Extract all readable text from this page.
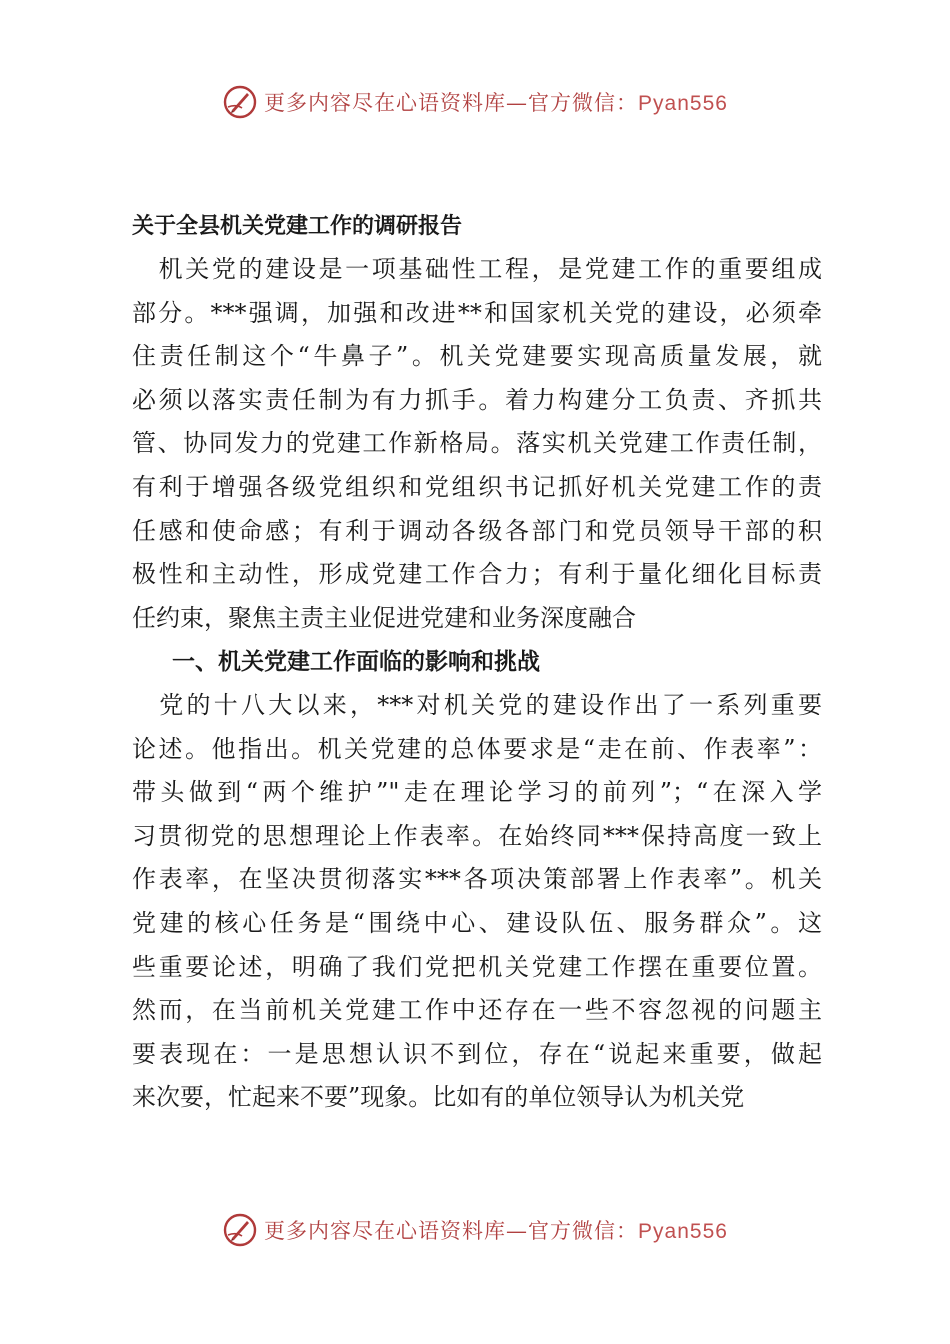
更多内容尽在心语资料库—官方微信：Pyan556
关于全县机关党建工作的调研报告
　机关党的建设是一项基础性工程，是党建工作的重要组成
部分。***强调，加强和改进**和国家机关党的建设，必须牵
住责任制这个“牛鼻子”。机关党建要实现高质量发展，就
必须以落实责任制为有力抓手。着力构建分工负责、齐抓共
管、协同发力的党建工作新格局。落实机关党建工作责任制，
有利于增强各级党组织和党组织书记抓好机关党建工作的责
任感和使命感；有利于调动各级各部门和党员领导干部的积
极性和主动性，形成党建工作合力；有利于量化细化目标责
任约束，聚焦主责主业促进党建和业务深度融合
一、机关党建工作面临的影响和挑战
　党的十八大以来，***对机关党的建设作出了一系列重要
论述。他指出。机关党建的总体要求是“走在前、作表率”：
带头做到“两个维护”"走在理论学习的前列”；“在深入学
习贯彻党的思想理论上作表率。在始终同***保持高度一致上
作表率，在坚决贯彻落实***各项决策部署上作表率”。机关
党建的核心任务是“围绕中心、建设队伍、服务群众”。这
些重要论述，明确了我们党把机关党建工作摆在重要位置。
然而，在当前机关党建工作中还存在一些不容忽视的问题主
要表现在：一是思想认识不到位，存在“说起来重要，做起
来次要，忙起来不要”现象。比如有的单位领导认为机关党
更多内容尽在心语资料库—官方微信：Pyan556
